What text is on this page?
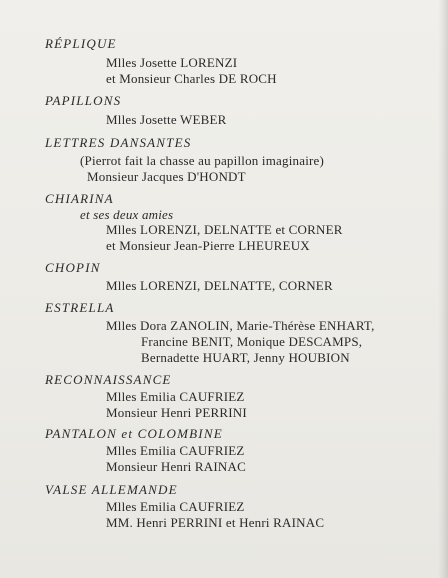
RÉPLIQUE
Mlles Josette LORENZI
et Monsieur Charles DE ROCH
PAPILLONS
Mlles Josette WEBER
LETTRES DANSANTES
(Pierrot fait la chasse au papillon imaginaire)
Monsieur Jacques D'HONDT
CHIARINA
et ses deux amies
Mlles LORENZI, DELNATTE et CORNER
et Monsieur Jean-Pierre LHEUREUX
CHOPIN
Mlles LORENZI, DELNATTE, CORNER
ESTRELLA
Mlles Dora ZANOLIN, Marie-Thérèse ENHART,
Francine BENIT, Monique DESCAMPS,
Bernadette HUART, Jenny HOUBION
RECONNAISSANCE
Mlles Emilia CAUFRIEZ
Monsieur Henri PERRINI
PANTALON et COLOMBINE
Mlles Emilia CAUFRIEZ
Monsieur Henri RAINAC
VALSE ALLEMANDE
Mlles Emilia CAUFRIEZ
MM. Henri PERRINI et Henri RAINAC
